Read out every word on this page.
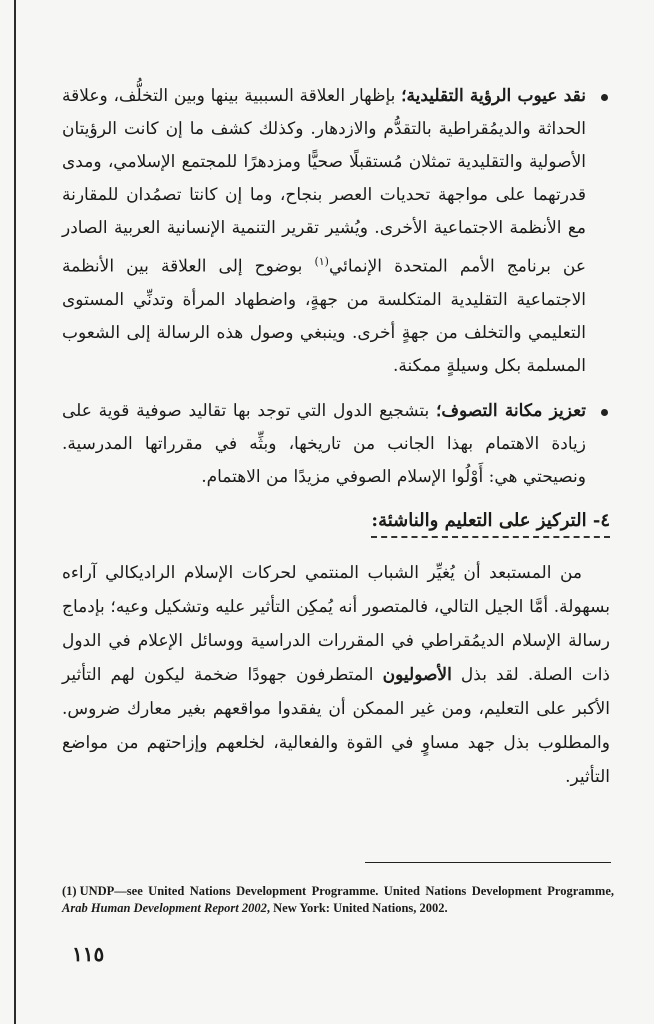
نقد عيوب الرؤية التقليدية؛ بإظهار العلاقة السببية بينها وبين التخلُّف، وعلاقة الحداثة والديمُقراطية بالتقدُّم والازدهار. وكذلك كشف ما إن كانت الرؤيتان الأصولية والتقليدية تمثلان مُستقبلًا صحيًّا ومزدهرًا للمجتمع الإسلامي، ومدى قدرتهما على مواجهة تحديات العصر بنجاح، وما إن كانتا تصمُدان للمقارنة مع الأنظمة الاجتماعية الأخرى. ويُشير تقرير التنمية الإنسانية العربية الصادر عن برنامج الأمم المتحدة الإنمائي$^{(١)}$ بوضوح إلى العلاقة بين الأنظمة الاجتماعية التقليدية المتكلسة من جهةٍ، واضطهاد المرأة وتدنِّي المستوى التعليمي والتخلف من جهةٍ أخرى. وينبغي وصول هذه الرسالة إلى الشعوب المسلمة بكل وسيلةٍ ممكنة.
تعزيز مكانة التصوف؛ بتشجيع الدول التي توجد بها تقاليد صوفية قوية على زيادة الاهتمام بهذا الجانب من تاريخها، وبثِّه في مقرراتها المدرسية. ونصيحتي هي: أَوْلُوا الإسلام الصوفي مزيدًا من الاهتمام.
٤- التركيز على التعليم والناشئة:
من المستبعد أن يُغيِّر الشباب المنتمي لحركات الإسلام الراديكالي آراءه بسهولة. أمَّا الجيل التالي، فالمتصور أنه يُمكِن التأثير عليه وتشكيل وعيه؛ بإدماج رسالة الإسلام الديمُقراطي في المقررات الدراسية ووسائل الإعلام في الدول ذات الصلة. لقد بذل الأصوليون المتطرفون جهودًا ضخمة ليكون لهم التأثير الأكبر على التعليم، ومن غير الممكن أن يفقدوا مواقعهم بغير معارك ضروس. والمطلوب بذل جهد مساوٍ في القوة والفعالية، لخلعهم وإزاحتهم من مواضع التأثير.
(1) UNDP—see United Nations Development Programme. United Nations Development Programme, Arab Human Development Report 2002, New York: United Nations, 2002.
١١٥
